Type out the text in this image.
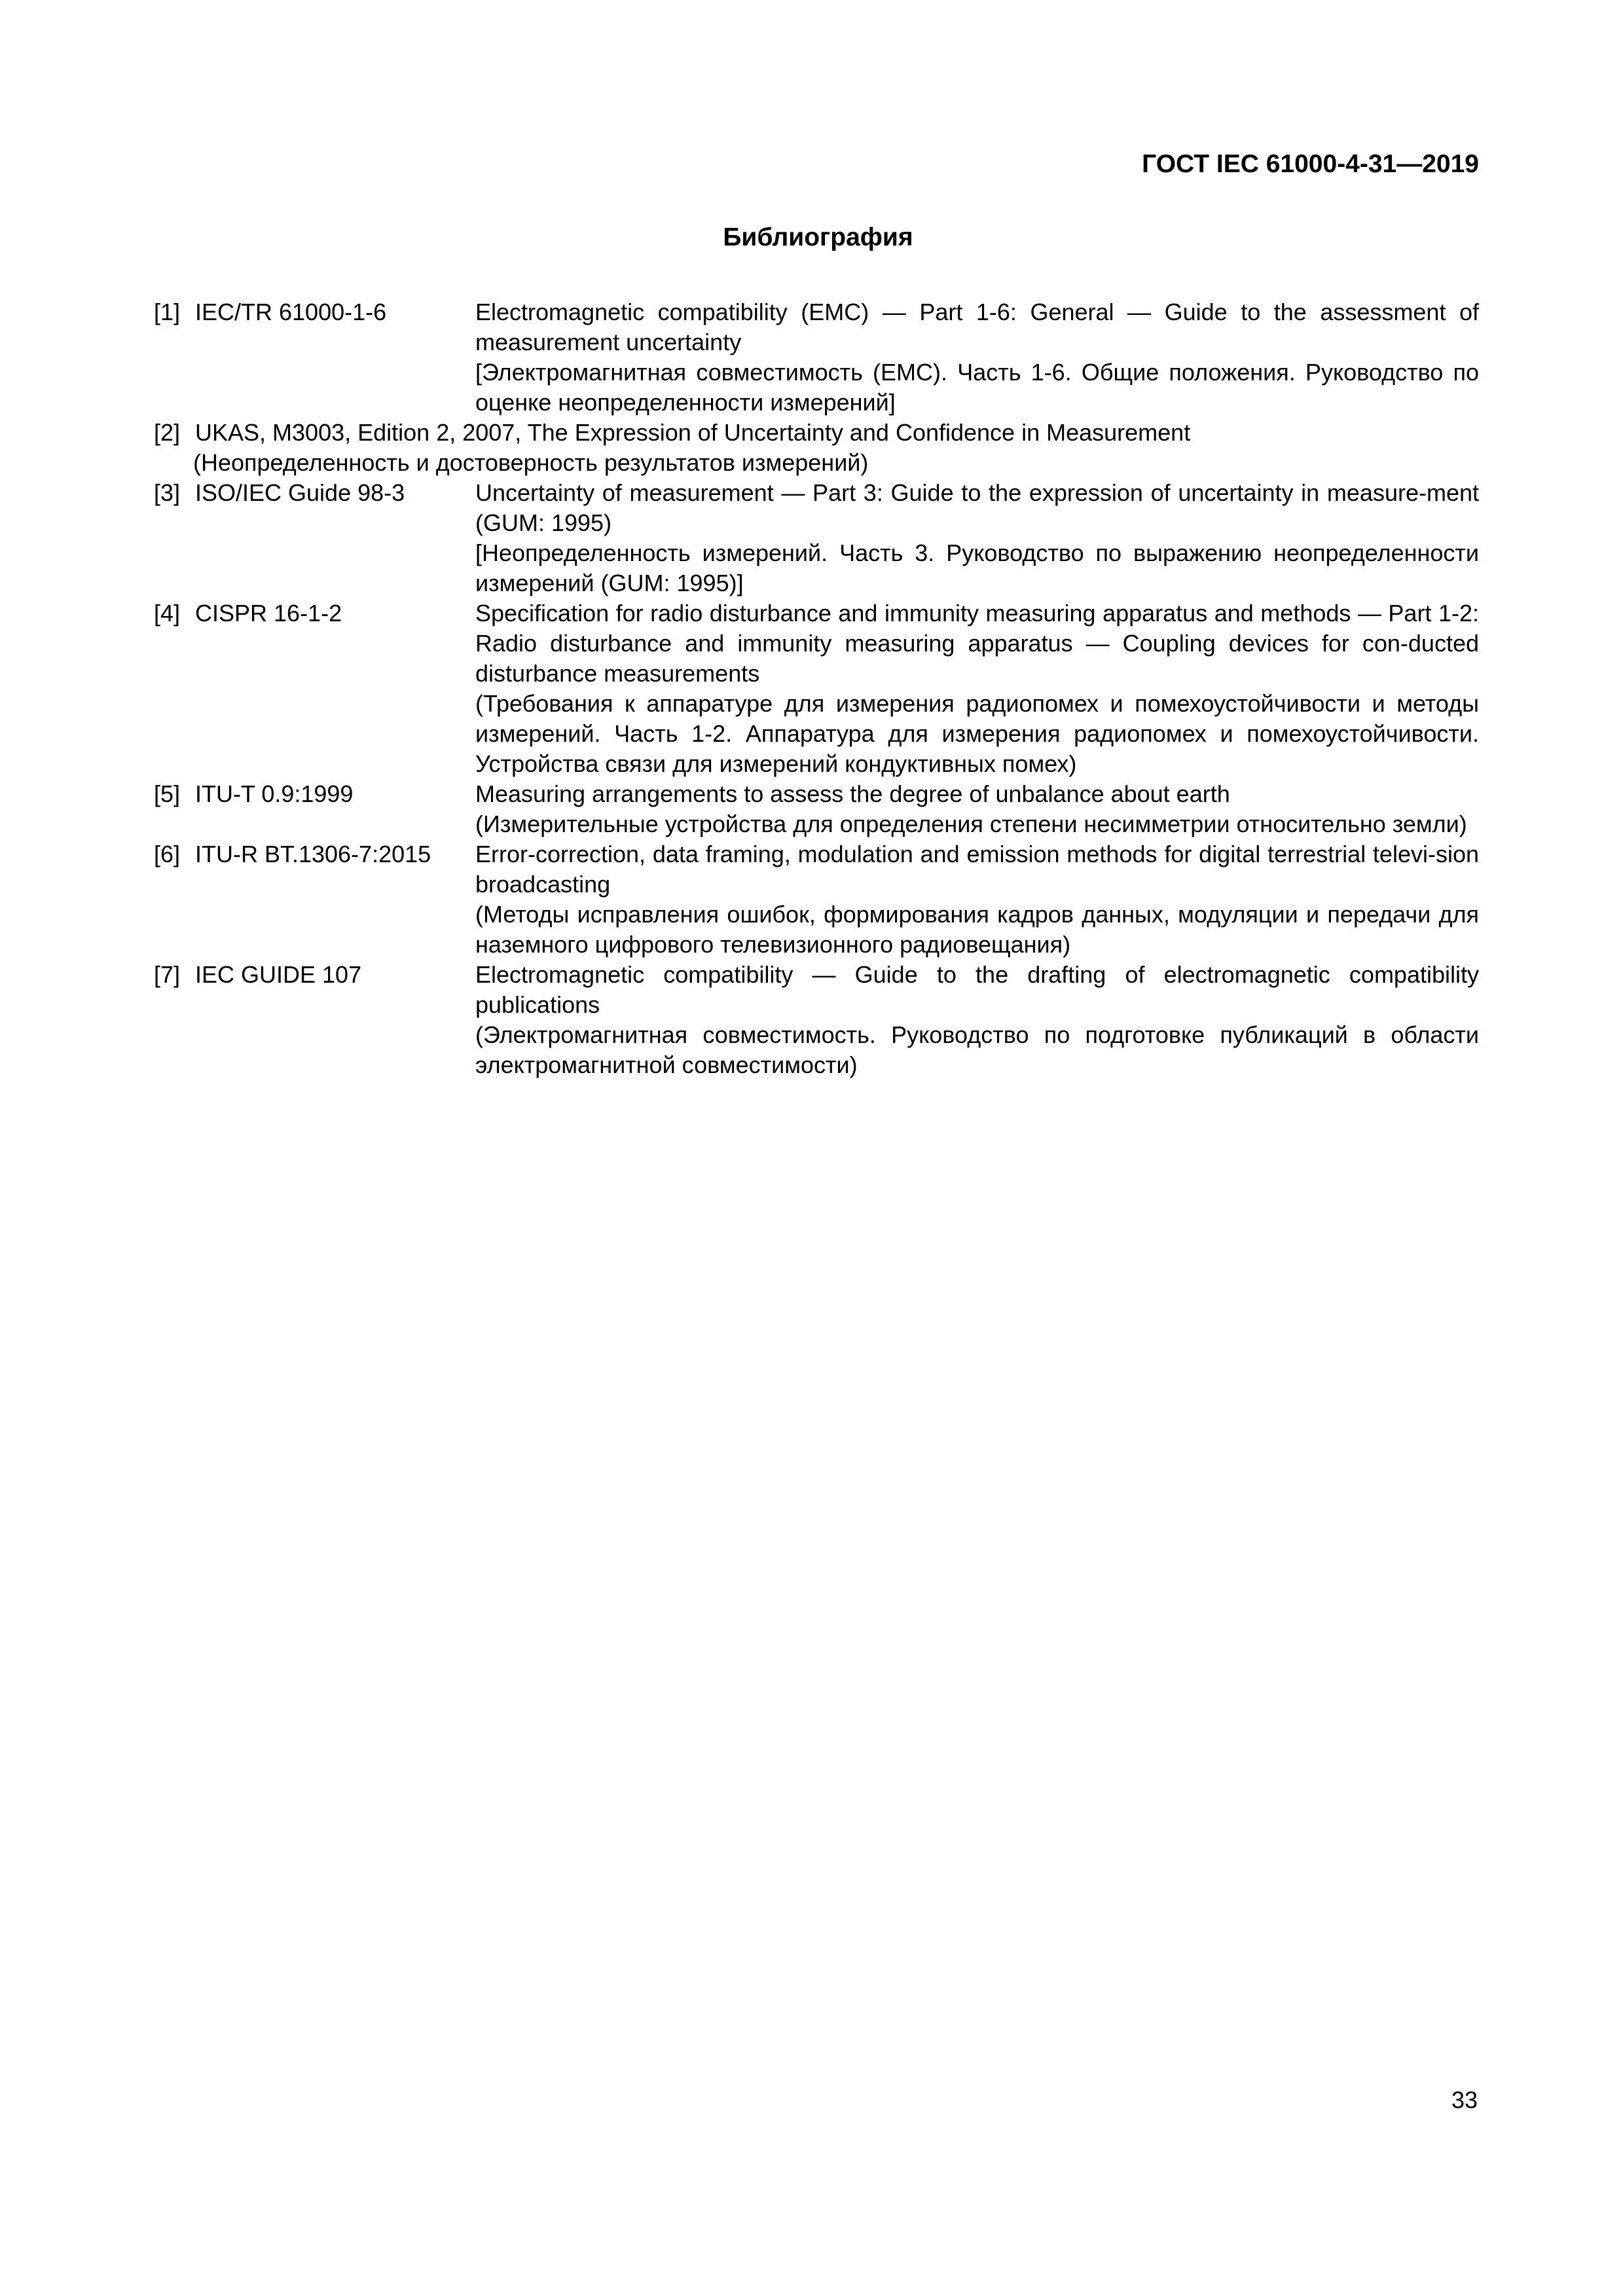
ГОСТ IEC 61000-4-31—2019
Библиография
[1] IEC/TR 61000-1-6	Electromagnetic compatibility (EMC) — Part 1-6: General — Guide to the assessment of measurement uncertainty
[Электромагнитная совместимость (ЕМС). Часть 1-6. Общие положения. Руководство по оценке неопределенности измерений]
[2] UKAS, M3003, Edition 2, 2007, The Expression of Uncertainty and Confidence in Measurement
(Неопределенность и достоверность результатов измерений)
[3] ISO/IEC Guide 98-3	Uncertainty of measurement — Part 3: Guide to the expression of uncertainty in measure-ment (GUM: 1995)
[Неопределенность измерений. Часть 3. Руководство по выражению неопределенности измерений (GUM: 1995)]
[4] CISPR 16-1-2	Specification for radio disturbance and immunity measuring apparatus and methods — Part 1-2: Radio disturbance and immunity measuring apparatus — Coupling devices for con-ducted disturbance measurements
(Требования к аппаратуре для измерения радиопомех и помехоустойчивости и методы измерений. Часть 1-2. Аппаратура для измерения радиопомех и помехоустойчивости. Устройства связи для измерений кондуктивных помех)
[5] ITU-T 0.9:1999	Measuring arrangements to assess the degree of unbalance about earth
(Измерительные устройства для определения степени несимметрии относительно земли)
[6] ITU-R BT.1306-7:2015	Error-correction, data framing, modulation and emission methods for digital terrestrial televi-sion broadcasting
(Методы исправления ошибок, формирования кадров данных, модуляции и передачи для наземного цифрового телевизионного радиовещания)
[7] IEC GUIDE 107	Electromagnetic compatibility — Guide to the drafting of electromagnetic compatibility publications
(Электромагнитная совместимость. Руководство по подготовке публикаций в области электромагнитной совместимости)
33
